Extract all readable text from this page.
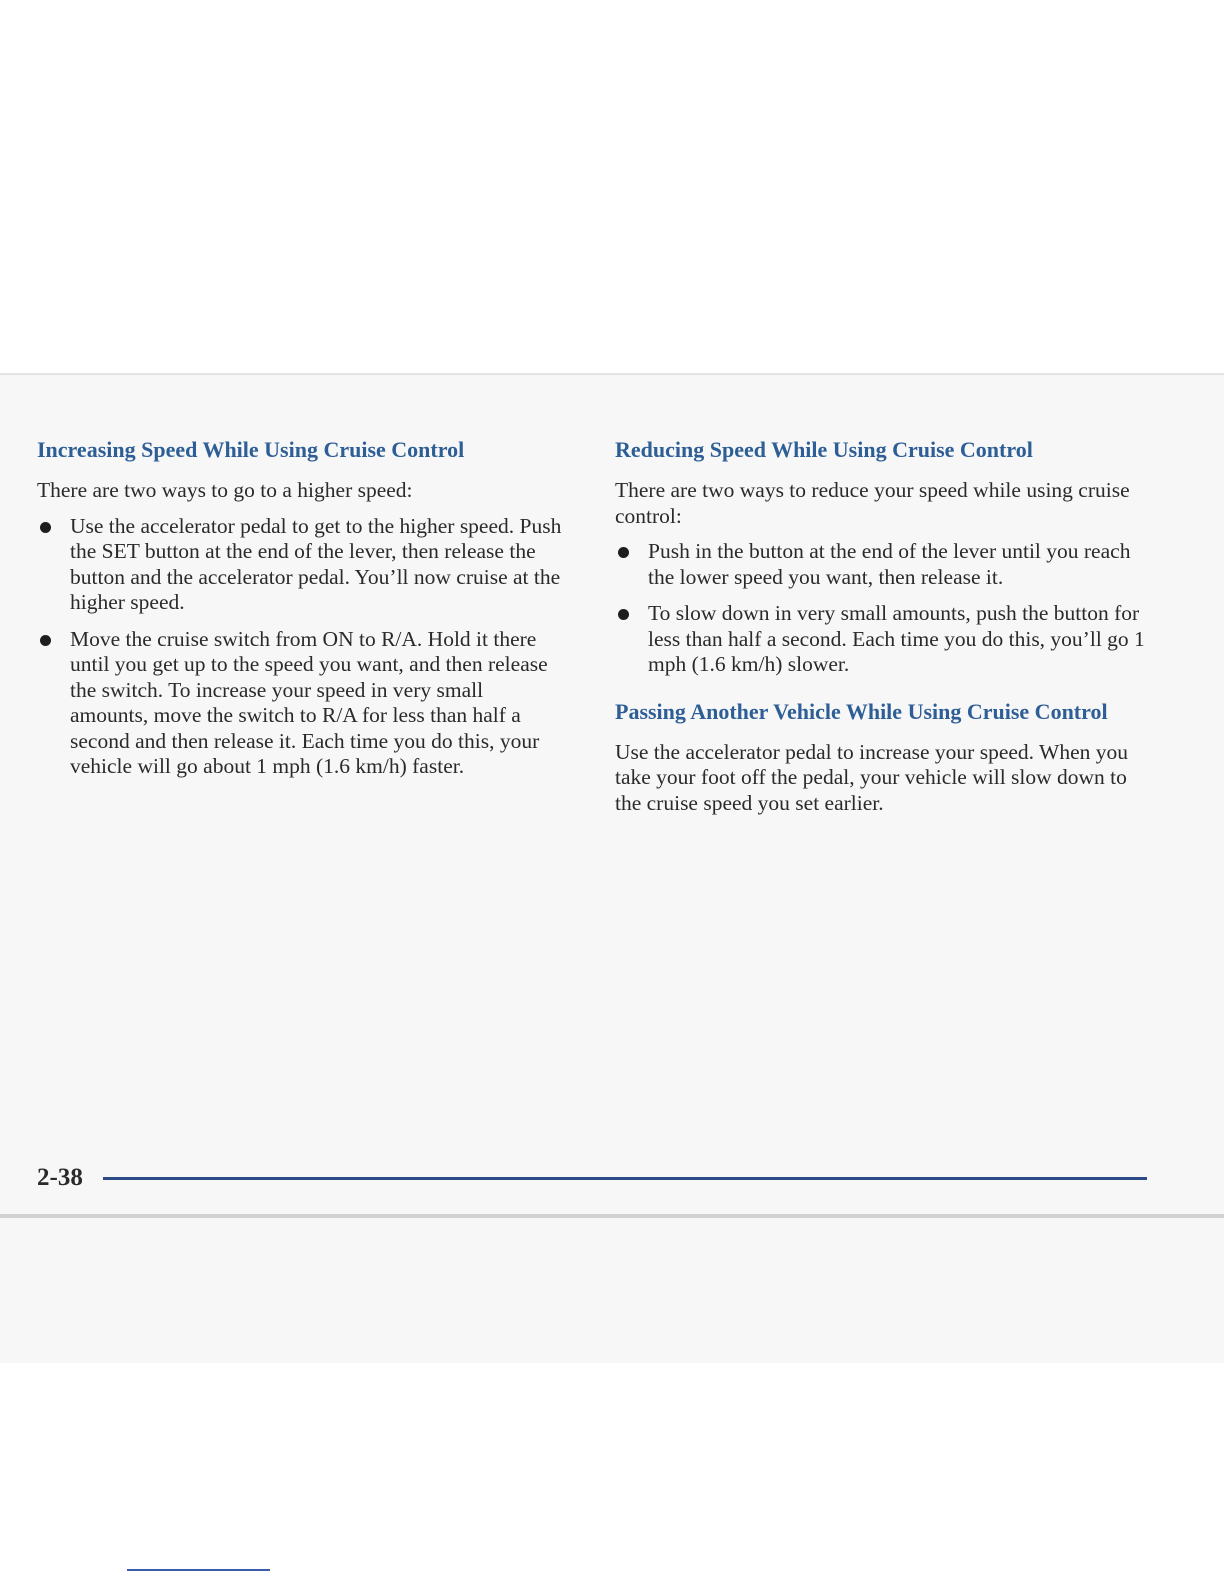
Increasing Speed While Using Cruise Control

There are two ways to go to a higher speed:

Use the accelerator pedal to get to the higher speed. Push the SET button at the end of the lever, then release the button and the accelerator pedal. You’ll now cruise at the higher speed.
Move the cruise switch from ON to R/A. Hold it there until you get up to the speed you want, and then release the switch. To increase your speed in very small amounts, move the switch to R/A for less than half a second and then release it. Each time you do this, your vehicle will go about 1 mph (1.6 km/h) faster.
Reducing Speed While Using Cruise Control

There are two ways to reduce your speed while using cruise control:

Push in the button at the end of the lever until you reach the lower speed you want, then release it.
To slow down in very small amounts, push the button for less than half a second. Each time you do this, you’ll go 1 mph (1.6 km/h) slower.
Passing Another Vehicle While Using Cruise Control

Use the accelerator pedal to increase your speed. When you take your foot off the pedal, your vehicle will slow down to the cruise speed you set earlier.

2-38
